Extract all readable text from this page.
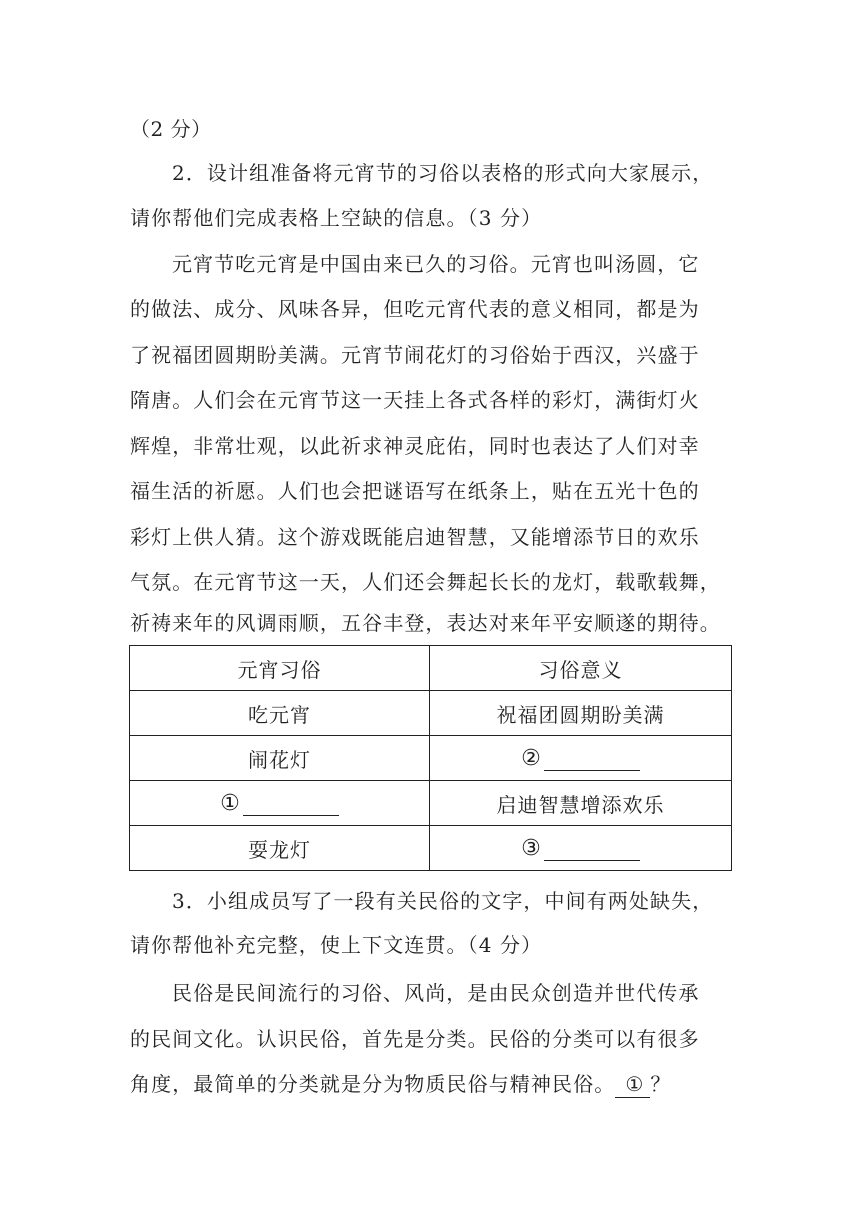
（2 分）
2．设计组准备将元宵节的习俗以表格的形式向大家展示，
请你帮他们完成表格上空缺的信息。（3 分）
元宵节吃元宵是中国由来已久的习俗。元宵也叫汤圆，它
的做法、成分、风味各异，但吃元宵代表的意义相同，都是为
了祝福团圆期盼美满。元宵节闹花灯的习俗始于西汉，兴盛于
隋唐。人们会在元宵节这一天挂上各式各样的彩灯，满街灯火
辉煌，非常壮观，以此祈求神灵庇佑，同时也表达了人们对幸
福生活的祈愿。人们也会把谜语写在纸条上，贴在五光十色的
彩灯上供人猜。这个游戏既能启迪智慧，又能增添节日的欢乐
气氛。在元宵节这一天，人们还会舞起长长的龙灯，载歌载舞，
祈祷来年的风调雨顺，五谷丰登，表达对来年平安顺遂的期待。
元宵习俗	习俗意义
吃元宵	祝福团圆期盼美满
闹花灯	②
①	启迪智慧增添欢乐
耍龙灯	③
3．小组成员写了一段有关民俗的文字，中间有两处缺失，
请你帮他补充完整，使上下文连贯。（4 分）
民俗是民间流行的习俗、风尚，是由民众创造并世代传承
的民间文化。认识民俗，首先是分类。民俗的分类可以有很多
角度，最简单的分类就是分为物质民俗与精神民俗。 ① ？
